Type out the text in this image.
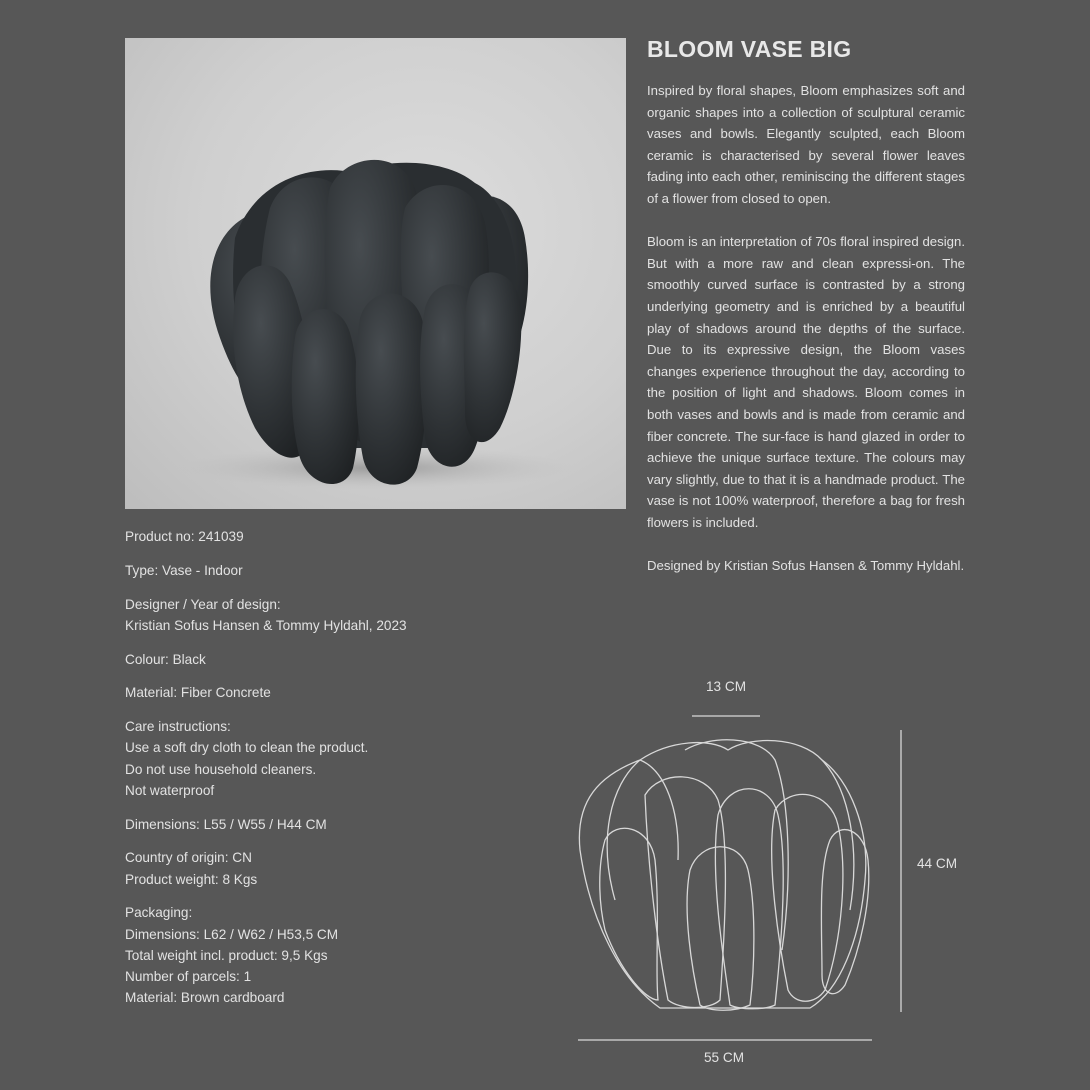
BLOOM VASE BIG

Inspired by floral shapes, Bloom emphasizes soft and organic shapes into a collection of sculptural ceramic vases and bowls. Elegantly sculpted, each Bloom ceramic is characterised by several flower leaves fading into each other, reminiscing the different stages of a flower from closed to open.

Bloom is an interpretation of 70s floral inspired design. But with a more raw and clean expressi-on. The smoothly curved surface is contrasted by a strong underlying geometry and is enriched by a beautiful play of shadows around the depths of the surface. Due to its expressive design, the Bloom vases changes experience throughout the day, according to the position of light and shadows. Bloom comes in both vases and bowls and is made from ceramic and fiber concrete. The sur-face is hand glazed in order to achieve the unique surface texture. The colours may vary slightly, due to that it is a handmade product. The vase is not 100% waterproof, therefore a bag for fresh flowers is included.

Designed by Kristian Sofus Hansen & Tommy Hyldahl.

Product no: 241039
Type: Vase - Indoor
Designer / Year of design:
Kristian Sofus Hansen & Tommy Hyldahl, 2023
Colour: Black
Material: Fiber Concrete
Care instructions:
Use a soft dry cloth to clean the product.
Do not use household cleaners.
Not waterproof
Dimensions: L55 / W55 / H44 CM
Country of origin: CN
Product weight: 8 Kgs
Packaging:
Dimensions: L62 / W62 / H53,5 CM
Total weight incl. product: 9,5 Kgs
Number of parcels: 1
Material: Brown cardboard
13 CM
44 CM
55 CM
